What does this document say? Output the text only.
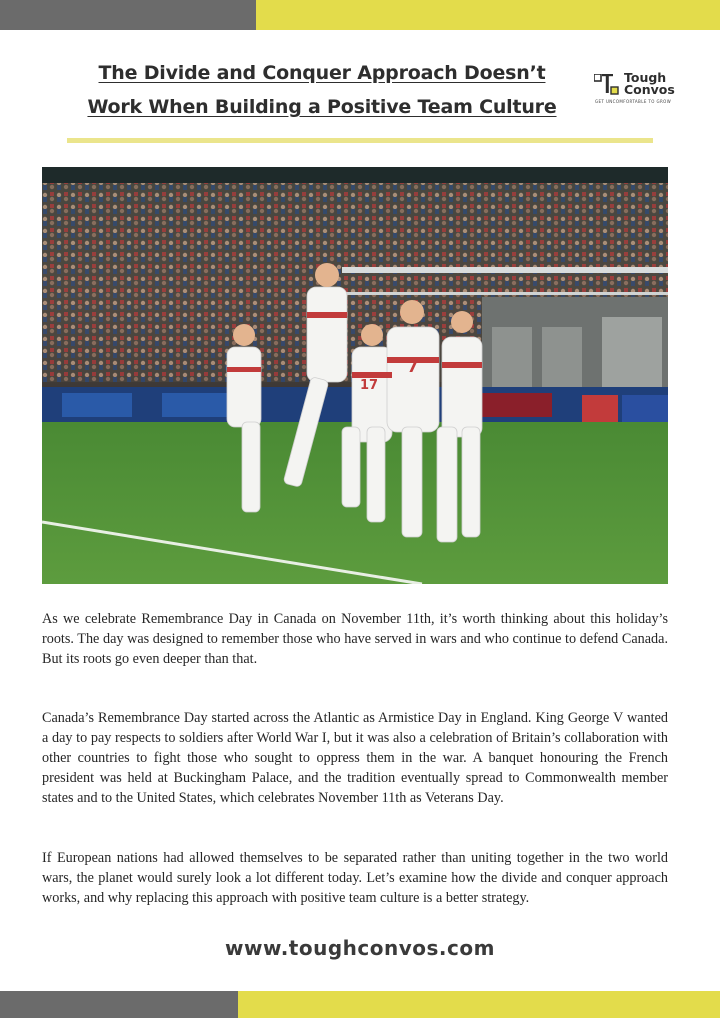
The Divide and Conquer Approach Doesn’t
Work When Building a Positive Team Culture
Tough
Convos
GET UNCOMFORTABLE TO GROW
7
17

As we celebrate Remembrance Day in Canada on November 11th, it’s worth thinking about this holiday’s roots. The day was designed to remember those who have served in wars and who continue to defend Canada. But its roots go even deeper than that.

Canada’s Remembrance Day started across the Atlantic as Armistice Day in England. King George V wanted a day to pay respects to soldiers after World War I, but it was also a celebration of Britain’s collaboration with other countries to fight those who sought to oppress them in the war. A banquet honouring the French president was held at Buckingham Palace, and the tradition eventually spread to Commonwealth member states and to the United States, which celebrates November 11th as Veterans Day.

If European nations had allowed themselves to be separated rather than uniting together in the two world wars, the planet would surely look a lot different today. Let’s examine how the divide and conquer approach works, and why replacing this approach with positive team culture is a better strategy.

www.toughconvos.com
